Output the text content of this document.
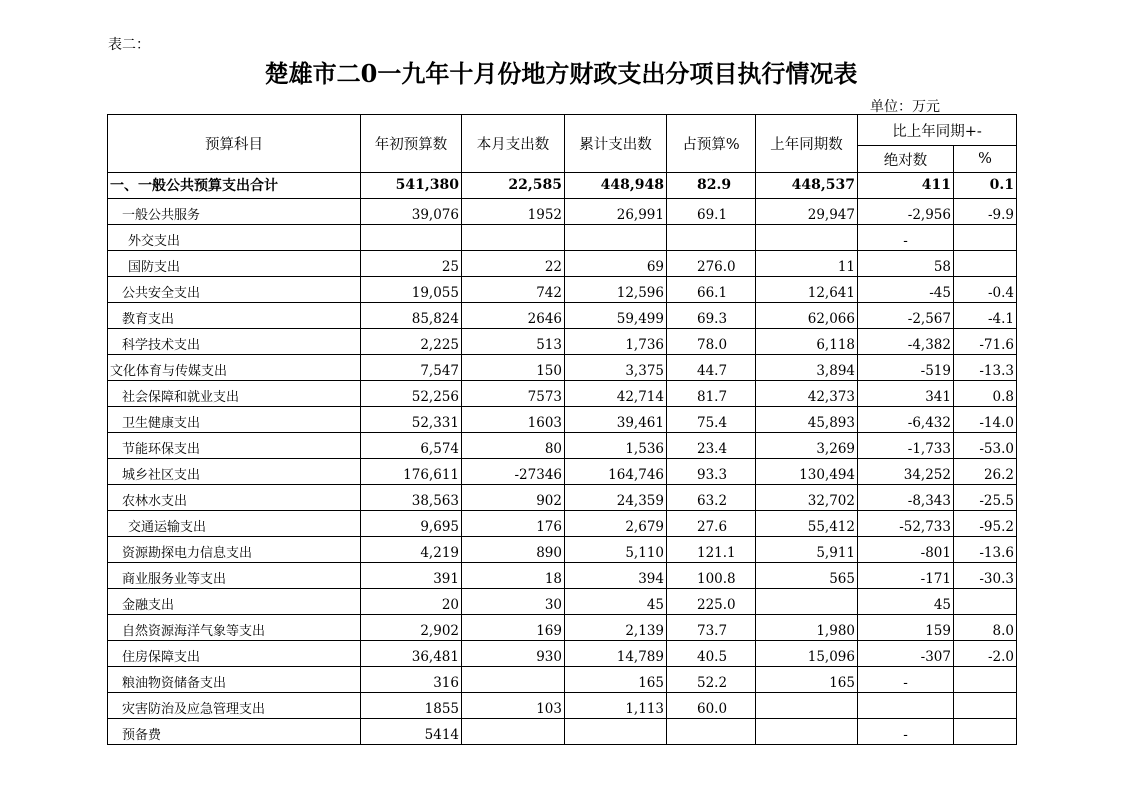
表二：
楚雄市二0一九年十月份地方财政支出分项目执行情况表
单位：万元
预算科目	年初预算数	本月支出数	累计支出数	占预算%	上年同期数	比上年同期+-	
						绝对数	%
一、一般公共预算支出合计	541,380	22,585	448,948	82.9	448,537	411	0.1
一般公共服务	39,076	1952	26,991	69.1	29,947	-2,956	-9.9
外交支出						-	
国防支出	25	22	69	276.0	11	58	
公共安全支出	19,055	742	12,596	66.1	12,641	-45	-0.4
教育支出	85,824	2646	59,499	69.3	62,066	-2,567	-4.1
科学技术支出	2,225	513	1,736	78.0	6,118	-4,382	-71.6
文化体育与传媒支出	7,547	150	3,375	44.7	3,894	-519	-13.3
社会保障和就业支出	52,256	7573	42,714	81.7	42,373	341	0.8
卫生健康支出	52,331	1603	39,461	75.4	45,893	-6,432	-14.0
节能环保支出	6,574	80	1,536	23.4	3,269	-1,733	-53.0
城乡社区支出	176,611	-27346	164,746	93.3	130,494	34,252	26.2
农林水支出	38,563	902	24,359	63.2	32,702	-8,343	-25.5
交通运输支出	9,695	176	2,679	27.6	55,412	-52,733	-95.2
资源勘探电力信息支出	4,219	890	5,110	121.1	5,911	-801	-13.6
商业服务业等支出	391	18	394	100.8	565	-171	-30.3
金融支出	20	30	45	225.0		45	
自然资源海洋气象等支出	2,902	169	2,139	73.7	1,980	159	8.0
住房保障支出	36,481	930	14,789	40.5	15,096	-307	-2.0
粮油物资储备支出	316		165	52.2	165	-	
灾害防治及应急管理支出	1855	103	1,113	60.0			
预备费	5414					-	
